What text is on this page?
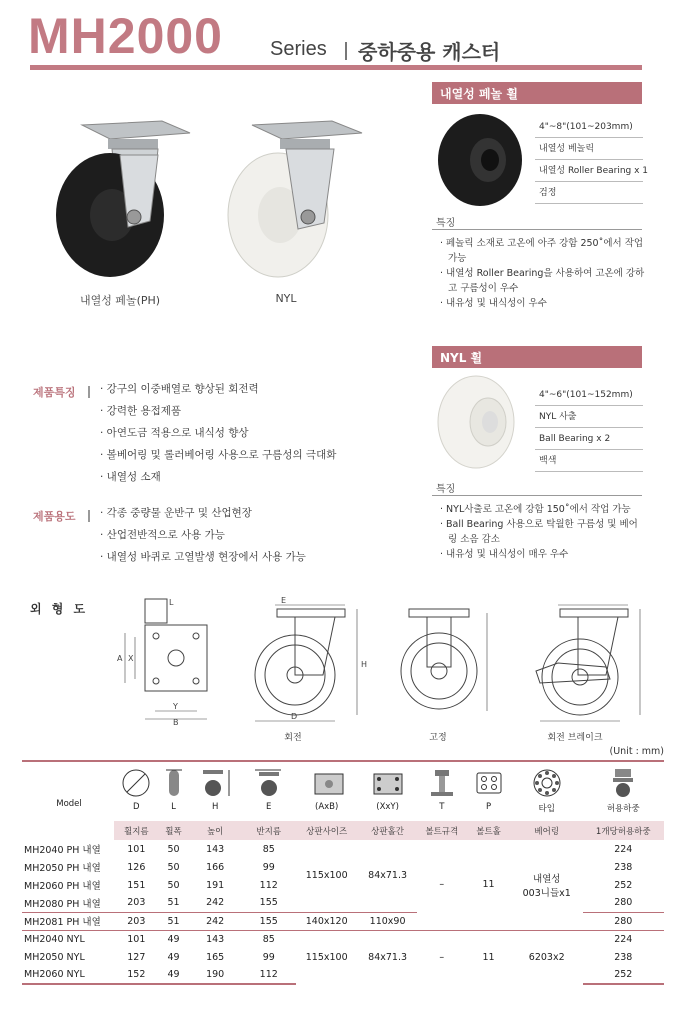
MH2000 Series 중하중용 캐스터
내열성 페놀(PH)	NYL
내열성 페놀 휠
4"~8"(101~203mm)
내열성 베놀릭
내열성 Roller Bearing x 1
검정
특징
· 페놀릭 소재로 고온에 아주 강함 250˚에서 작업 가능
· 내열성 Roller Bearing을 사용하여 고온에 강하고 구름성이 우수
· 내유성 및 내식성이 우수
NYL 휠
4"~6"(101~152mm)
NYL 사출
Ball Bearing x 2
백색
특징
· NYL사출로 고온에 강함 150˚에서 작업 가능
· Ball Bearing 사용으로 탁월한 구름성 및 베어링 소음 감소
· 내유성 및 내식성이 매우 우수
제품특징 · 강구의 이중배열로 향상된 회전력
· 강력한 용접제품
· 아연도금 적용으로 내식성 향상
· 볼베어링 및 롤러베어링 사용으로 구름성의 극대화
· 내열성 소재
제품용도 · 각종 중량물 운반구 및 산업현장
· 산업전반적으로 사용 가능
· 내열성 바퀴로 고열발생 현장에서 사용 가능
외 형 도	L
A X
Y
B
E
H
D
회전	고정	회전 브레이크
(Unit : mm)
Model	D	L	H	E	(AxB)	(XxY)	T	P	타입	허용하중

	휠지름	휠폭	높이	반지름	상판사이즈	상판홀간	볼트규격	볼트홀	베어링	1개당허용하중
MH2040 PH 내열	101	50	143	85	115x100	84x71.3	–	11	내열성
003니들x1	224
MH2050 PH 내열	126	50	166	99						238
MH2060 PH 내열	151	50	191	112						252
MH2080 PH 내열	203	51	242	155						280
MH2081 PH 내열	203	51	242	155	140x120	110x90				280
MH2040 NYL	101	49	143	85	115x100	84x71.3	–	11	6203x2	224
MH2050 NYL	127	49	165	99						238
MH2060 NYL	152	49	190	112						252
